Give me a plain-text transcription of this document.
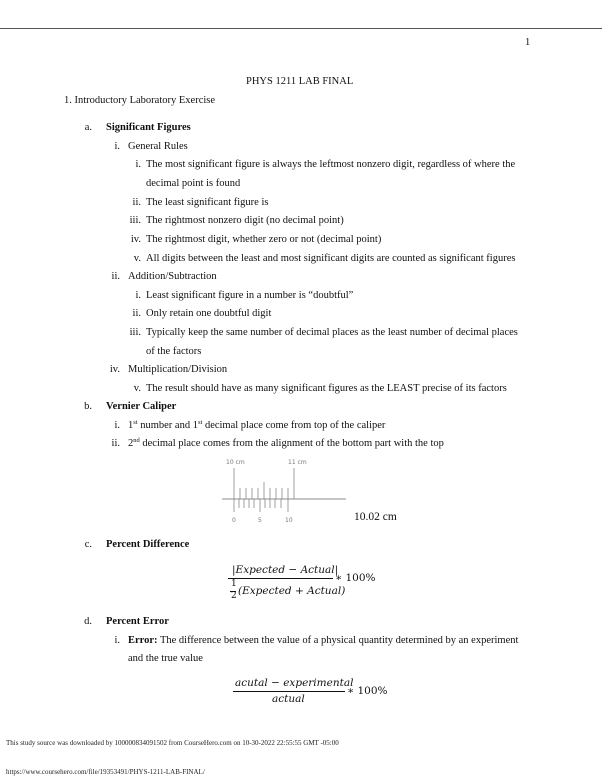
1
PHYS 1211 LAB FINAL
1. Introductory Laboratory Exercise
a. Significant Figures
i. General Rules
i. The most significant figure is always the leftmost nonzero digit, regardless of where the
decimal point is found
ii. The least significant figure is
iii. The rightmost nonzero digit (no decimal point)
iv. The rightmost digit, whether zero or not (decimal point)
v. All digits between the least and most significant digits are counted as significant figures
ii. Addition/Subtraction
i. Least significant figure in a number is “doubtful”
ii. Only retain one doubtful digit
iii. Typically keep the same number of decimal places as the least number of decimal places
of the factors
iv. Multiplication/Division
v. The result should have as many significant figures as the LEAST precise of its factors
b. Vernier Caliper
i. 1st number and 1st decimal place come from top of the caliper
ii. 2nd decimal place comes from the alignment of the bottom part with the top
10 cm	11 cm
0	5	10	10.02 cm
c. Percent Difference
|Expected − Actual|
1
2 (Expected + Actual)
∗ 100%
d. Percent Error
i. Error: The difference between the value of a physical quantity determined by an experiment
and the true value
acutal − experimental
actual
∗ 100%
This study source was downloaded by 100000834091502 from CourseHero.com on 10-30-2022 22:55:55 GMT -05:00
https://www.coursehero.com/file/19353491/PHYS-1211-LAB-FINAL/
